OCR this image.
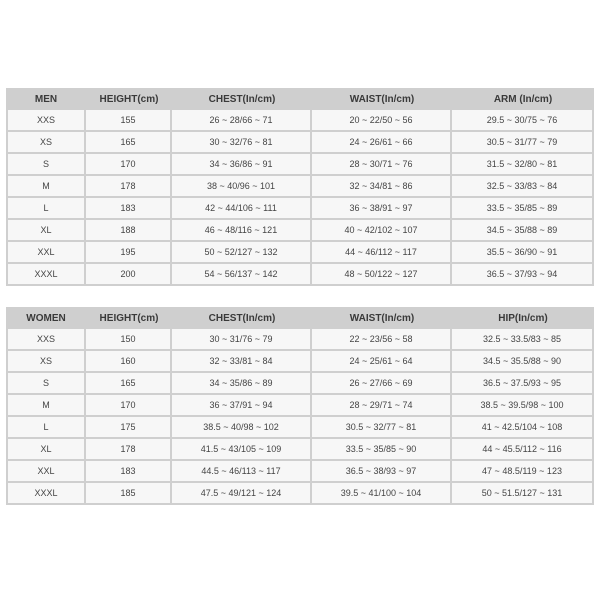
MEN	HEIGHT(cm)	CHEST(In/cm)	WAIST(In/cm)	ARM (In/cm)
XXS	155	26 ~ 28/66 ~ 71	20 ~ 22/50 ~ 56	29.5 ~ 30/75 ~ 76
XS	165	30 ~ 32/76 ~ 81	24 ~ 26/61 ~ 66	30.5 ~ 31/77 ~ 79
S	170	34 ~ 36/86 ~ 91	28 ~ 30/71 ~ 76	31.5 ~ 32/80 ~ 81
M	178	38 ~ 40/96 ~ 101	32 ~ 34/81 ~ 86	32.5 ~ 33/83 ~ 84
L	183	42 ~ 44/106 ~ 111	36 ~ 38/91 ~ 97	33.5 ~ 35/85 ~ 89
XL	188	46 ~ 48/116 ~ 121	40 ~ 42/102 ~ 107	34.5 ~ 35/88 ~ 89
XXL	195	50 ~ 52/127 ~ 132	44 ~ 46/112 ~ 117	35.5 ~ 36/90 ~ 91
XXXL	200	54 ~ 56/137 ~ 142	48 ~ 50/122 ~ 127	36.5 ~ 37/93 ~ 94
WOMEN	HEIGHT(cm)	CHEST(In/cm)	WAIST(In/cm)	HIP(In/cm)
XXS	150	30 ~ 31/76 ~ 79	22 ~ 23/56 ~ 58	32.5 ~ 33.5/83 ~ 85
XS	160	32 ~ 33/81 ~ 84	24 ~ 25/61 ~ 64	34.5 ~ 35.5/88 ~ 90
S	165	34 ~ 35/86 ~ 89	26 ~ 27/66 ~ 69	36.5 ~ 37.5/93 ~ 95
M	170	36 ~ 37/91 ~ 94	28 ~ 29/71 ~ 74	38.5 ~ 39.5/98 ~ 100
L	175	38.5 ~ 40/98 ~ 102	30.5 ~ 32/77 ~ 81	41 ~ 42.5/104 ~ 108
XL	178	41.5 ~ 43/105 ~ 109	33.5 ~ 35/85 ~ 90	44 ~ 45.5/112 ~ 116
XXL	183	44.5 ~ 46/113 ~ 117	36.5 ~ 38/93 ~ 97	47 ~ 48.5/119 ~ 123
XXXL	185	47.5 ~ 49/121 ~ 124	39.5 ~ 41/100 ~ 104	50 ~ 51.5/127 ~ 131
